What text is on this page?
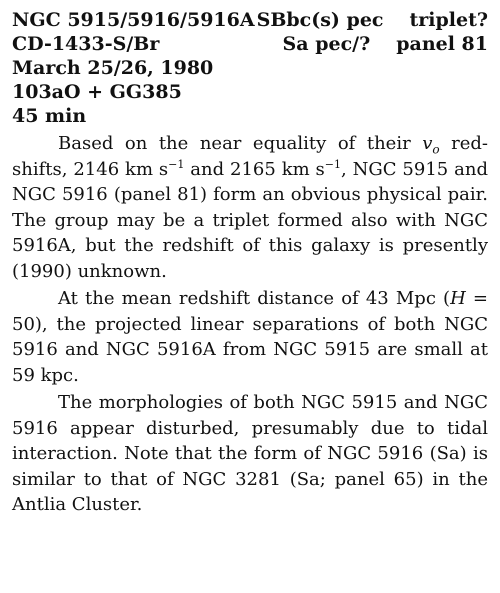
NGC 5915/5916/5916A SBbc(s) pec triplet?
CD-1433-S/Br	Sa pec/? panel 81
March 25/26, 1980
103aO + GG385
45 min

Based on the near equality of their $v_o$ red-shifts, 2146 km $s^{-1}$ and 2165 km $s^{-1}$, NGC 5915 and NGC 5916 (panel 81) form an obvious physical pair. The group may be a triplet formed also with NGC 5916A, but the redshift of this galaxy is presently (1990) unknown.

At the mean redshift distance of 43 Mpc (H = 50), the projected linear separations of both NGC 5916 and NGC 5916A from NGC 5915 are small at 59 kpc.

The morphologies of both NGC 5915 and NGC 5916 appear disturbed, presumably due to tidal interaction. Note that the form of NGC 5916 (Sa) is similar to that of NGC 3281 (Sa; panel 65) in the Antlia Cluster.
